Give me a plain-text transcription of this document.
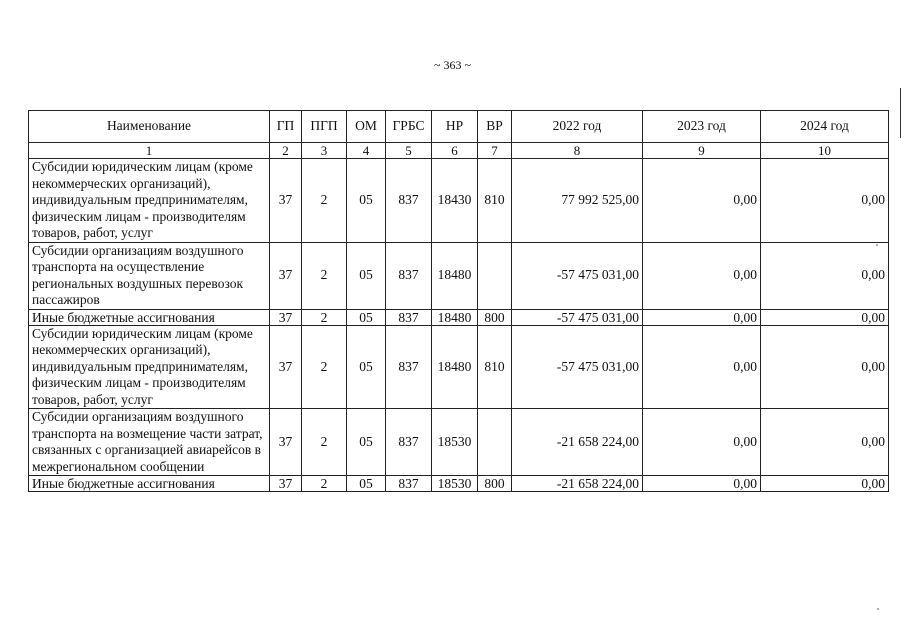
~ 363 ~
Наименование	ГП	ПГП	ОМ	ГРБС	НР	ВР	2022 год	2023 год	2024 год
1	2	3	4	5	6	7	8	9	10
Субсидии юридическим лицам (кроме некоммерческих организаций), индивидуальным предпринимателям, физическим лицам - производителям товаров, работ, услуг	37	2	05	837	18430	810	77 992 525,00	0,00	0,00
Субсидии организациям воздушного транспорта на осуществление региональных воздушных перевозок пассажиров	37	2	05	837	18480		-57 475 031,00	0,00	0,00
Иные бюджетные ассигнования	37	2	05	837	18480	800	-57 475 031,00	0,00	0,00
Субсидии юридическим лицам (кроме некоммерческих организаций), индивидуальным предпринимателям, физическим лицам - производителям товаров, работ, услуг	37	2	05	837	18480	810	-57 475 031,00	0,00	0,00
Субсидии организациям воздушного транспорта на возмещение части затрат, связанных с организацией авиарейсов в межрегиональном сообщении	37	2	05	837	18530		-21 658 224,00	0,00	0,00
Иные бюджетные ассигнования	37	2	05	837	18530	800	-21 658 224,00	0,00	0,00
